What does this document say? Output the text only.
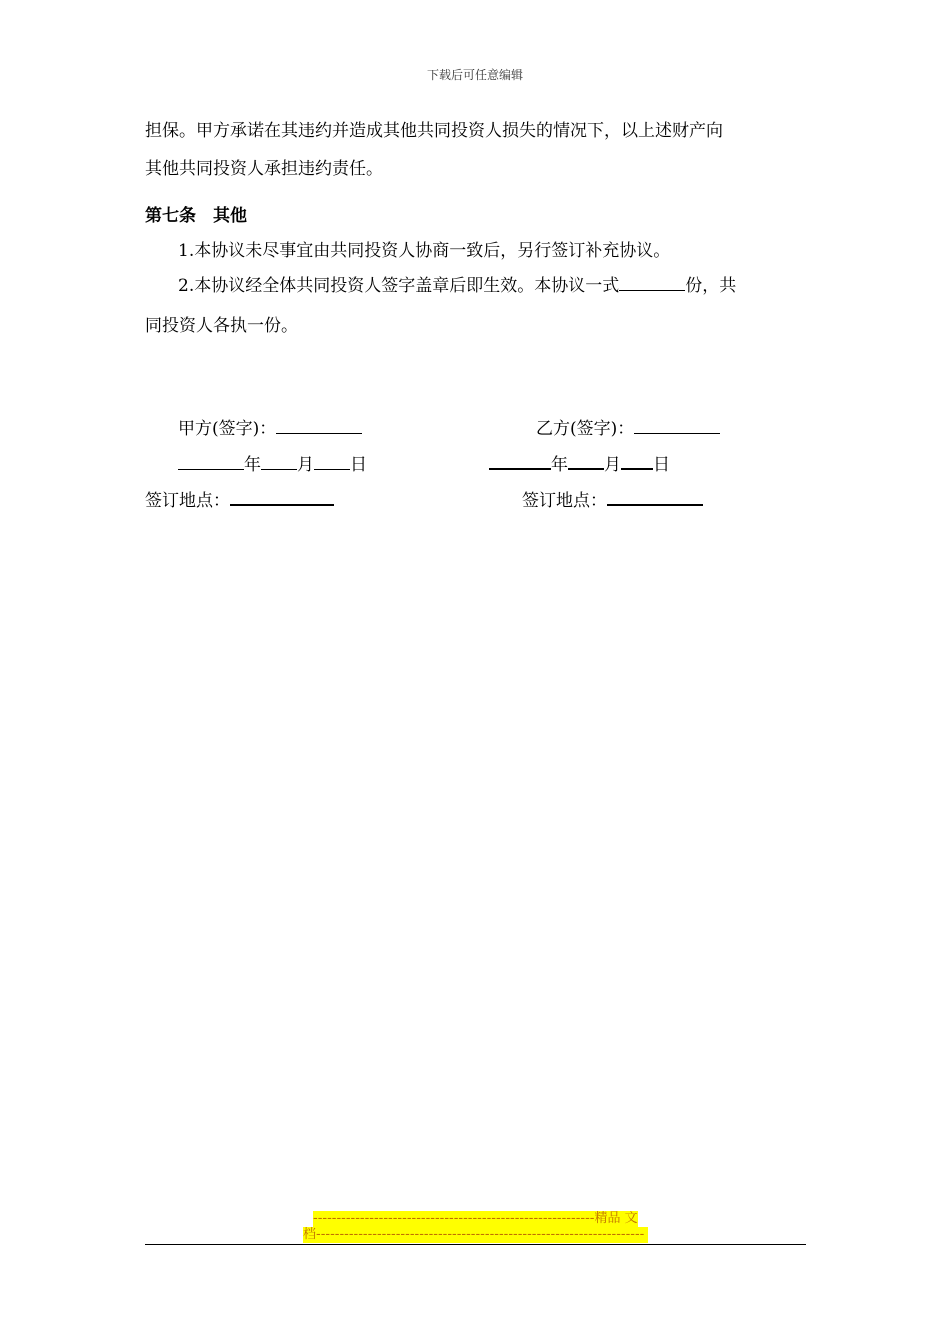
下载后可任意编辑
担保。甲方承诺在其违约并造成其他共同投资人损失的情况下，以上述财产向
其他共同投资人承担违约责任。
第七条　其他
1.本协议未尽事宜由共同投资人协商一致后，另行签订补充协议。
2.本协议经全体共同投资人签字盖章后即生效。本协议一式	份，共
同投资人各执一份。
甲方(签字)：	乙方(签字)：
年 月 日	年 月 日
签订地点：	签订地点：
------------------------------------------------------------精品 文
档----------------------------------------------------------------------
